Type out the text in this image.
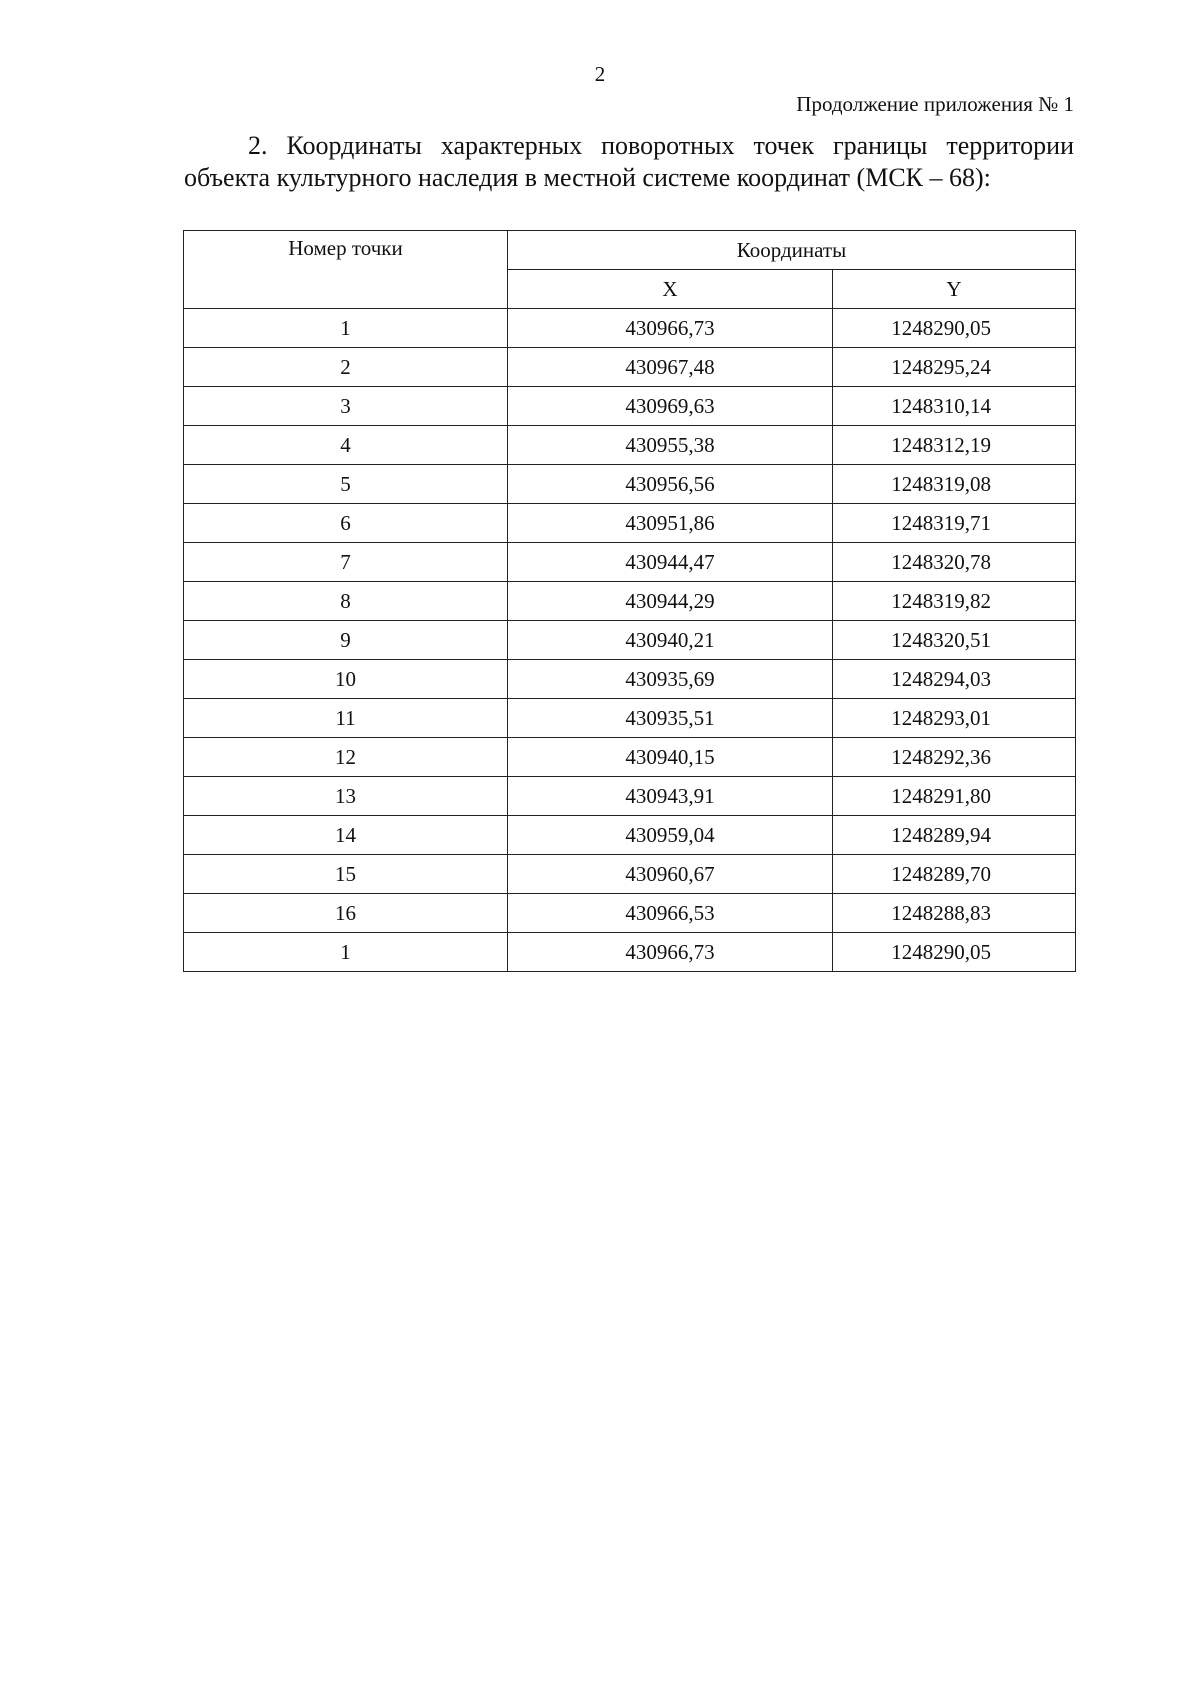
2
Продолжение приложения № 1
2. Координаты характерных поворотных точек границы территории объекта культурного наследия в местной системе координат (МСК – 68):
Номер точки	Координаты	
	X	Y
1	430966,73	1248290,05
2	430967,48	1248295,24
3	430969,63	1248310,14
4	430955,38	1248312,19
5	430956,56	1248319,08
6	430951,86	1248319,71
7	430944,47	1248320,78
8	430944,29	1248319,82
9	430940,21	1248320,51
10	430935,69	1248294,03
11	430935,51	1248293,01
12	430940,15	1248292,36
13	430943,91	1248291,80
14	430959,04	1248289,94
15	430960,67	1248289,70
16	430966,53	1248288,83
1	430966,73	1248290,05
